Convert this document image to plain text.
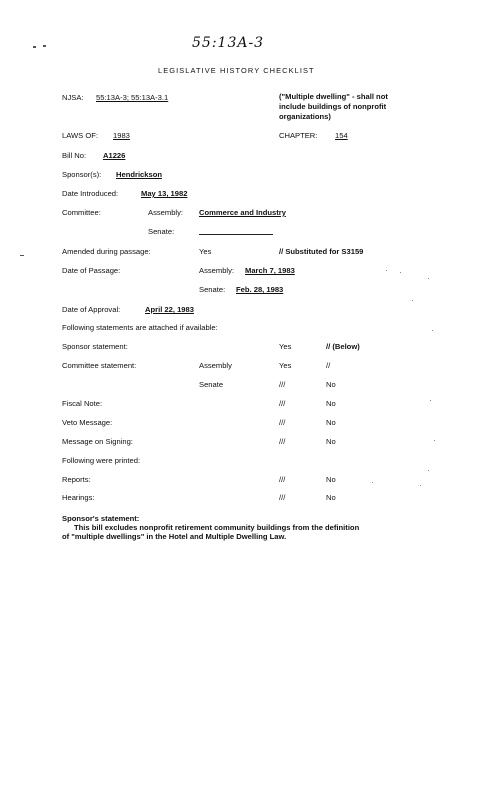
55:13A-3
LEGISLATIVE HISTORY CHECKLIST
NJSA: 55:13A-3; 55:13A-3.1	("Multiple dwelling" - shall not
include buildings of nonprofit
organizations)
LAWS OF: 1983	CHAPTER: 154
Bill No: A1226
Sponsor(s): Hendrickson
Date Introduced:	May 13, 1982
Committee:	Assembly: Commerce and Industry
Senate:
Amended during passage:	Yes	// Substituted for S3159
Date of Passage:	Assembly: March 7, 1983
Senate: Feb. 28, 1983
Date of Approval:	April 22, 1983
Following statements are attached if available:
Sponsor statement:	Yes	// (Below)
Committee statement:	Assembly	Yes	//
Senate	///	No
Fiscal Note:	///	No
Veto Message:	///	No
Message on Signing:	///	No
Following were printed:
Reports:	///	No
Hearings:	///	No
Sponsor's statement:
This bill excludes nonprofit retirement community buildings from the definition
of "multiple dwellings" in the Hotel and Multiple Dwelling Law.
